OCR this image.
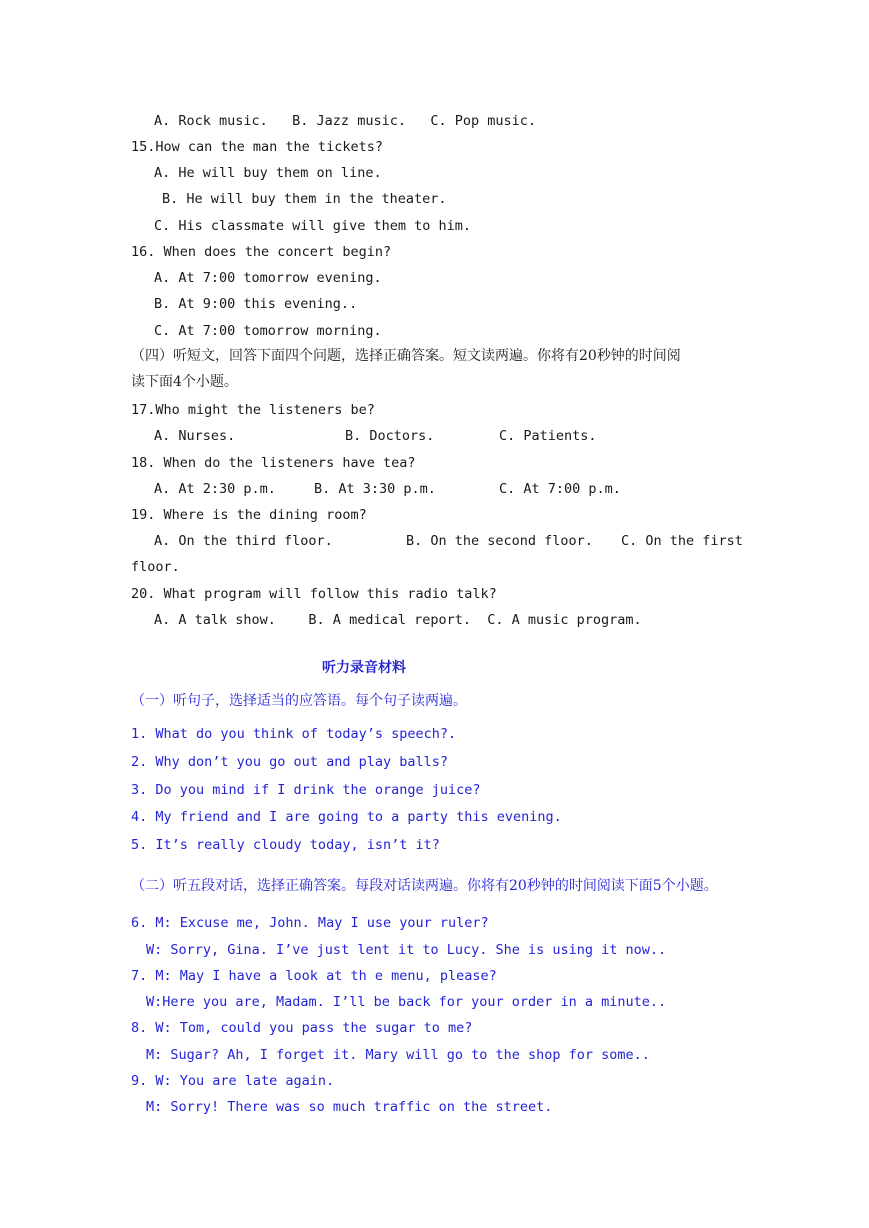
A. Rock music.   B. Jazz music.   C. Pop music.
15.How can the man the tickets?
A. He will buy them on line.
B. He will buy them in the theater.
C. His classmate will give them to him.
16. When does the concert begin?
A. At 7:00 tomorrow evening.
B. At 9:00 this evening..
C. At 7:00 tomorrow morning.
（四）听短文，回答下面四个问题，选择正确答案。短文读两遍。你将有20秒钟的时间阅
读下面4个小题。
17.Who might the listeners be?
A. Nurses.	B. Doctors.	C. Patients.
18. When do the listeners have tea?
A. At 2:30 p.m.	B. At 3:30 p.m.	C. At 7:00 p.m.
19. Where is the dining room?
A. On the third floor.	B. On the second floor. C. On the first
floor.
20. What program will follow this radio talk?
A. A talk show.    B. A medical report.  C. A music program.
听力录音材料
（一）听句子，选择适当的应答语。每个句子读两遍。
1. What do you think of today’s speech?.
2. Why don’t you go out and play balls?
3. Do you mind if I drink the orange juice?
4. My friend and I are going to a party this evening.
5. It’s really cloudy today, isn’t it?
（二）听五段对话，选择正确答案。每段对话读两遍。你将有20秒钟的时间阅读下面5个小题。
6. M: Excuse me, John. May I use your ruler?
W: Sorry, Gina. I’ve just lent it to Lucy. She is using it now..
7. M: May I have a look at th e menu, please?
W:Here you are, Madam. I’ll be back for your order in a minute..
8. W: Tom, could you pass the sugar to me?
M: Sugar? Ah, I forget it. Mary will go to the shop for some..
9. W: You are late again.
M: Sorry! There was so much traffic on the street.
